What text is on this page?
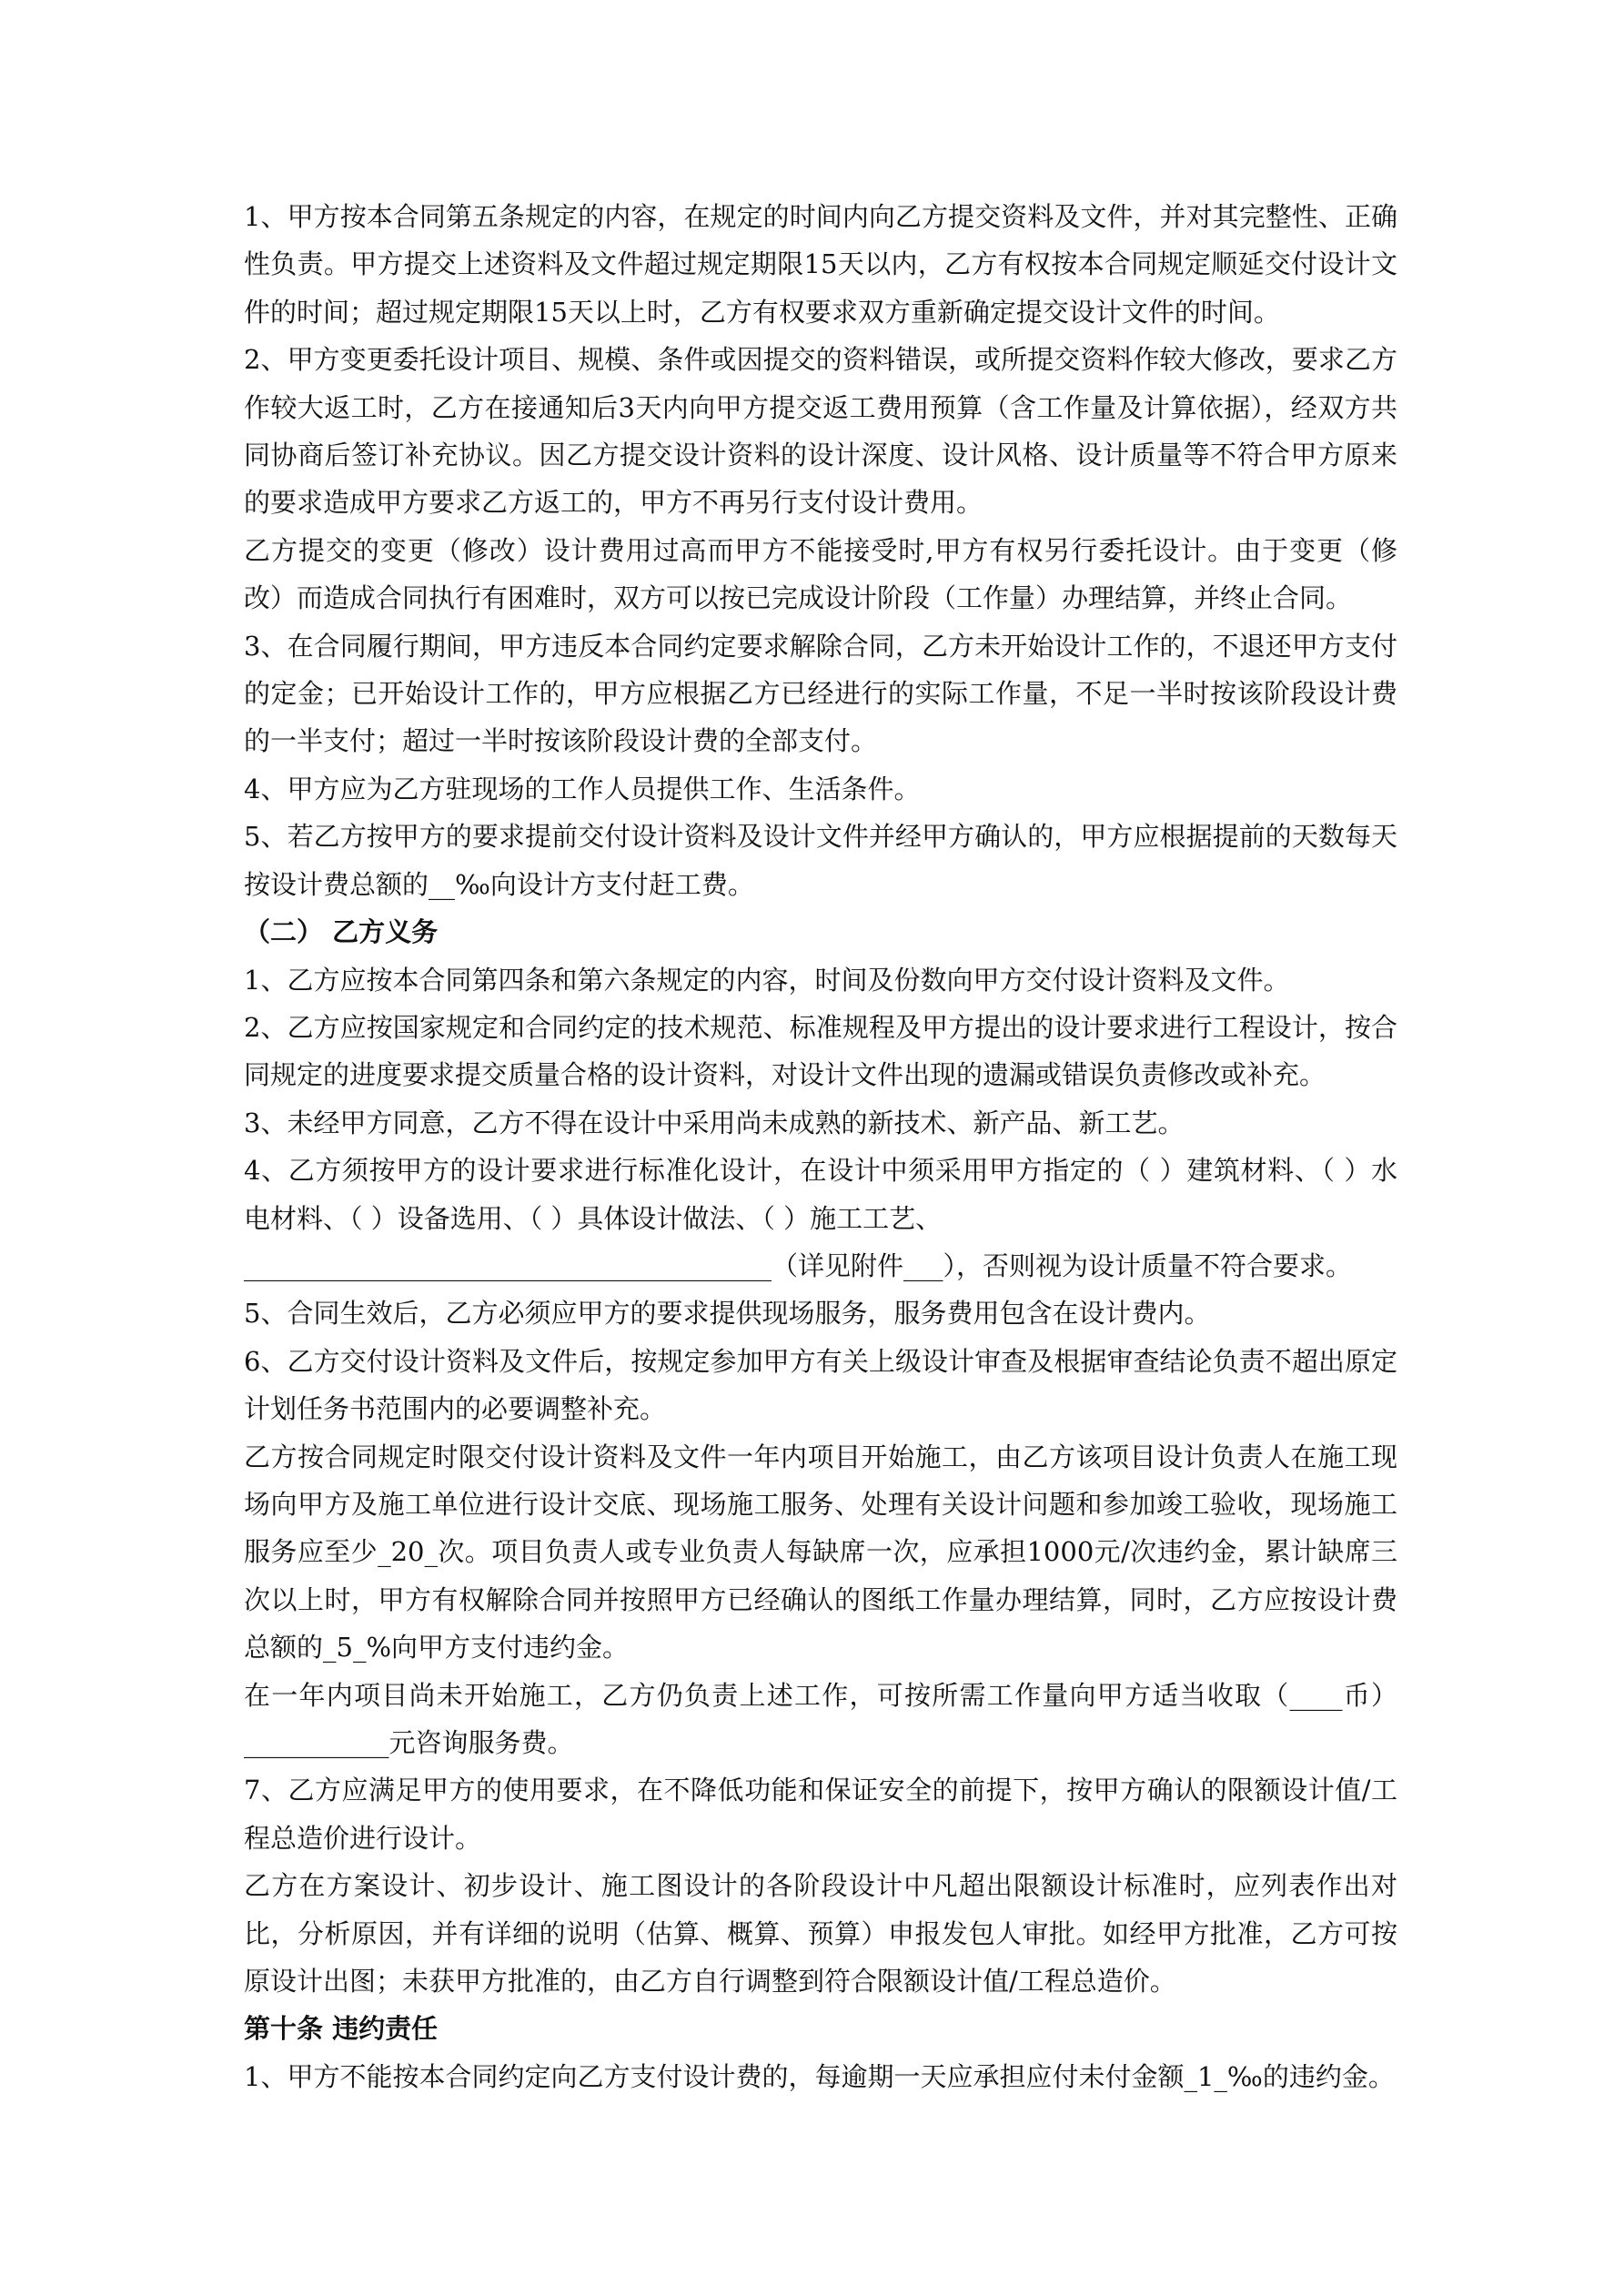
1、甲方按本合同第五条规定的内容，在规定的时间内向乙方提交资料及文件，并对其完整性、正确性负责。甲方提交上述资料及文件超过规定期限15天以内，乙方有权按本合同规定顺延交付设计文件的时间；超过规定期限15天以上时，乙方有权要求双方重新确定提交设计文件的时间。

2、甲方变更委托设计项目、规模、条件或因提交的资料错误，或所提交资料作较大修改，要求乙方作较大返工时，乙方在接通知后3天内向甲方提交返工费用预算（含工作量及计算依据），经双方共同协商后签订补充协议。因乙方提交设计资料的设计深度、设计风格、设计质量等不符合甲方原来的要求造成甲方要求乙方返工的，甲方不再另行支付设计费用。

乙方提交的变更（修改）设计费用过高而甲方不能接受时,甲方有权另行委托设计。由于变更（修改）而造成合同执行有困难时，双方可以按已完成设计阶段（工作量）办理结算，并终止合同。

3、在合同履行期间，甲方违反本合同约定要求解除合同，乙方未开始设计工作的，不退还甲方支付的定金；已开始设计工作的，甲方应根据乙方已经进行的实际工作量，不足一半时按该阶段设计费的一半支付；超过一半时按该阶段设计费的全部支付。

4、甲方应为乙方驻现场的工作人员提供工作、生活条件。

5、若乙方按甲方的要求提前交付设计资料及设计文件并经甲方确认的，甲方应根据提前的天数每天按设计费总额的__‰向设计方支付赶工费。

（二） 乙方义务

1、乙方应按本合同第四条和第六条规定的内容，时间及份数向甲方交付设计资料及文件。

2、乙方应按国家规定和合同约定的技术规范、标准规程及甲方提出的设计要求进行工程设计，按合同规定的进度要求提交质量合格的设计资料，对设计文件出现的遗漏或错误负责修改或补充。

3、未经甲方同意，乙方不得在设计中采用尚未成熟的新技术、新产品、新工艺。

4、乙方须按甲方的设计要求进行标准化设计，在设计中须采用甲方指定的（ ）建筑材料、（ ）水电材料、（ ）设备选用、（ ）具体设计做法、（ ）施工工艺、

________________________________________（详见附件___），否则视为设计质量不符合要求。

5、合同生效后，乙方必须应甲方的要求提供现场服务，服务费用包含在设计费内。

6、乙方交付设计资料及文件后，按规定参加甲方有关上级设计审查及根据审查结论负责不超出原定计划任务书范围内的必要调整补充。

乙方按合同规定时限交付设计资料及文件一年内项目开始施工，由乙方该项目设计负责人在施工现场向甲方及施工单位进行设计交底、现场施工服务、处理有关设计问题和参加竣工验收，现场施工服务应至少_20_次。项目负责人或专业负责人每缺席一次，应承担1000元/次违约金，累计缺席三次以上时，甲方有权解除合同并按照甲方已经确认的图纸工作量办理结算，同时，乙方应按设计费总额的_5_%向甲方支付违约金。

在一年内项目尚未开始施工，乙方仍负责上述工作，可按所需工作量向甲方适当收取（____币）___________元咨询服务费。

7、乙方应满足甲方的使用要求，在不降低功能和保证安全的前提下，按甲方确认的限额设计值/工程总造价进行设计。

乙方在方案设计、初步设计、施工图设计的各阶段设计中凡超出限额设计标准时，应列表作出对比，分析原因，并有详细的说明（估算、概算、预算）申报发包人审批。如经甲方批准，乙方可按原设计出图；未获甲方批准的，由乙方自行调整到符合限额设计值/工程总造价。

第十条 违约责任

1、甲方不能按本合同约定向乙方支付设计费的，每逾期一天应承担应付未付金额_1_‰的违约金。
